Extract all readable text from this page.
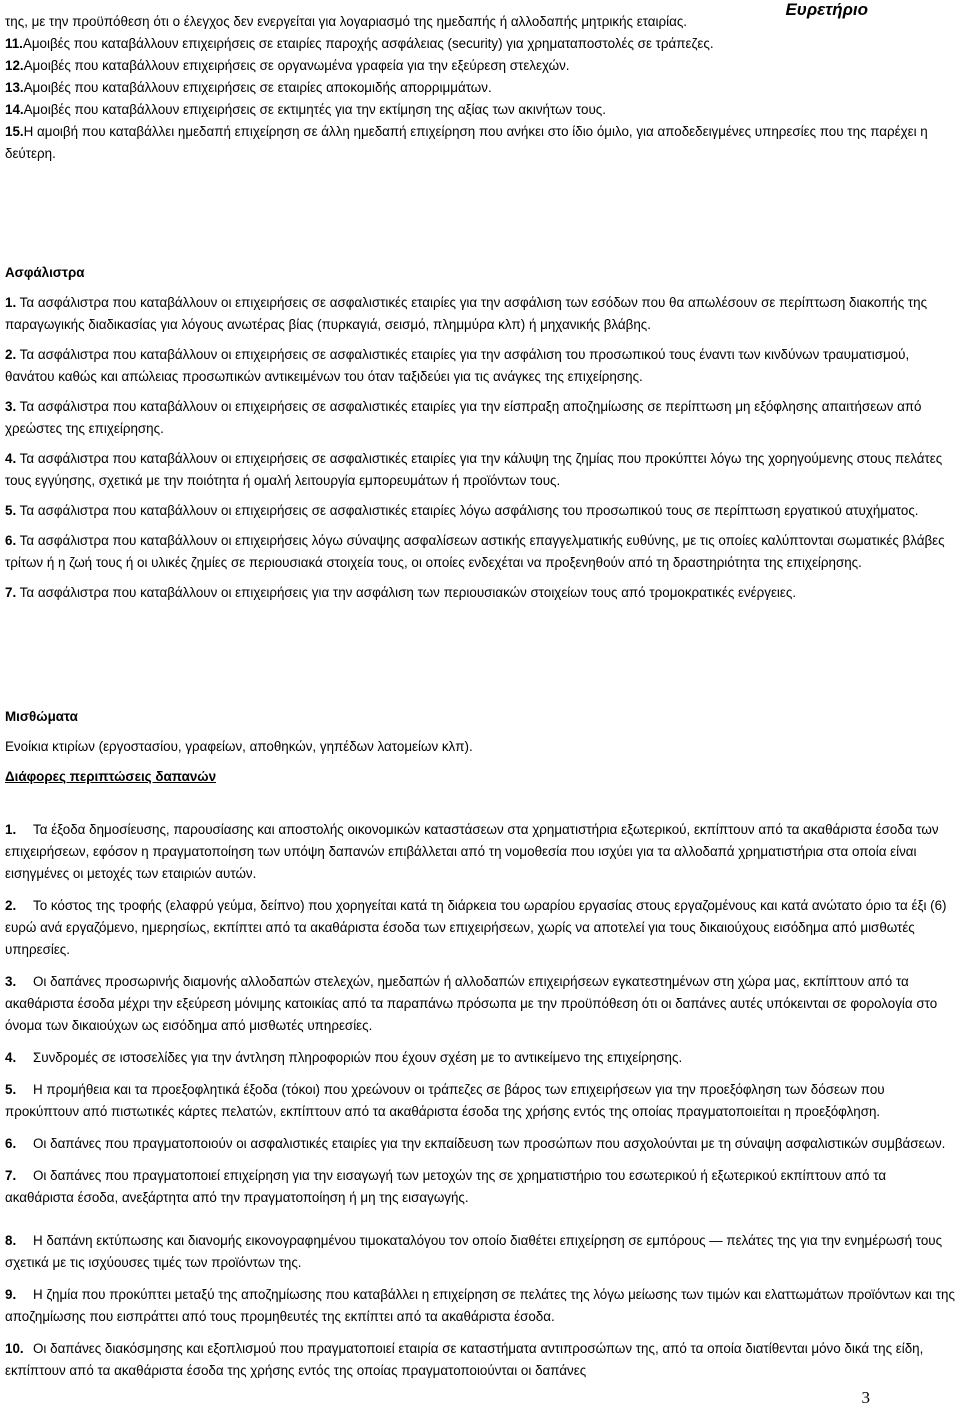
Ευρετήριο

της, με την προϋπόθεση ότι ο έλεγχος δεν ενεργείται για λογαριασμό της ημεδαπής ή αλλοδαπής μητρικής εταιρίας.

11.Αμοιβές που καταβάλλουν επιχειρήσεις σε εταιρίες παροχής ασφάλειας (security) για χρηματαποστολές σε τράπεζες.

12.Αμοιβές που καταβάλλουν επιχειρήσεις σε οργανωμένα γραφεία για την εξεύρεση στελεχών.

13.Αμοιβές που καταβάλλουν επιχειρήσεις σε εταιρίες αποκομιδής απορριμμάτων.

14.Αμοιβές που καταβάλλουν επιχειρήσεις σε εκτιμητές για την εκτίμηση της αξίας των ακινήτων τους.

15.Η αμοιβή που καταβάλλει ημεδαπή επιχείρηση σε άλλη ημεδαπή επιχείρηση που ανήκει στο ίδιο όμιλο, για αποδεδειγμένες υπηρεσίες που της παρέχει η δεύτερη.

Ασφάλιστρα

1. Τα ασφάλιστρα που καταβάλλουν οι επιχειρήσεις σε ασφαλιστικές εταιρίες για την ασφάλιση των εσόδων που θα απωλέσουν σε περίπτωση διακοπής της παραγωγικής διαδικασίας για λόγους ανωτέρας βίας (πυρκαγιά, σεισμό, πλημμύρα κλπ) ή μηχανικής βλάβης.

2. Τα ασφάλιστρα που καταβάλλουν οι επιχειρήσεις σε ασφαλιστικές εταιρίες για την ασφάλιση του προσωπικού τους έναντι των κινδύνων τραυματισμού, θανάτου καθώς και απώλειας προσωπικών αντικειμένων του όταν ταξιδεύει για τις ανάγκες της επιχείρησης.

3. Τα ασφάλιστρα που καταβάλλουν οι επιχειρήσεις σε ασφαλιστικές εταιρίες για την είσπραξη αποζημίωσης σε περίπτωση μη εξόφλησης απαιτήσεων από χρεώστες της επιχείρησης.

4. Τα ασφάλιστρα που καταβάλλουν οι επιχειρήσεις σε ασφαλιστικές εταιρίες για την κάλυψη της ζημίας που προκύπτει λόγω της χορηγούμενης στους πελάτες τους εγγύησης, σχετικά με την ποιότητα ή ομαλή λειτουργία εμπορευμάτων ή προϊόντων τους.

5. Τα ασφάλιστρα που καταβάλλουν οι επιχειρήσεις σε ασφαλιστικές εταιρίες λόγω ασφάλισης του προσωπικού τους σε περίπτωση εργατικού ατυχήματος.

6. Τα ασφάλιστρα που καταβάλλουν οι επιχειρήσεις λόγω σύναψης ασφαλίσεων αστικής επαγγελματικής ευθύνης, με τις οποίες καλύπτονται σωματικές βλάβες τρίτων ή η ζωή τους ή οι υλικές ζημίες σε περιουσιακά στοιχεία τους, οι οποίες ενδεχέται να προξενηθούν από τη δραστηριότητα της επιχείρησης.

7. Τα ασφάλιστρα που καταβάλλουν οι επιχειρήσεις για την ασφάλιση των περιουσιακών στοιχείων τους από τρομοκρατικές ενέργειες.

Μισθώματα

Ενοίκια κτιρίων (εργοστασίου, γραφείων, αποθηκών, γηπέδων λατομείων κλπ).

Διάφορες περιπτώσεις δαπανών

1. Τα έξοδα δημοσίευσης, παρουσίασης και αποστολής οικονομικών καταστάσεων στα χρηματιστήρια εξωτερικού, εκπίπτουν από τα ακαθάριστα έσοδα των επιχειρήσεων, εφόσον η πραγματοποίηση των υπόψη δαπανών επιβάλλεται από τη νομοθεσία που ισχύει για τα αλλοδαπά χρηματιστήρια στα οποία είναι εισηγμένες οι μετοχές των εταιριών αυτών.

2. Το κόστος της τροφής (ελαφρύ γεύμα, δείπνο) που χορηγείται κατά τη διάρκεια του ωραρίου εργασίας στους εργαζομένους και κατά ανώτατο όριο τα έξι (6) ευρώ ανά εργαζόμενο, ημερησίως, εκπίπτει από τα ακαθάριστα έσοδα των επιχειρήσεων, χωρίς να αποτελεί για τους δικαιούχους εισόδημα από μισθωτές υπηρεσίες.

3. Οι δαπάνες προσωρινής διαμονής αλλοδαπών στελεχών, ημεδαπών ή αλλοδαπών επιχειρήσεων εγκατεστημένων στη χώρα μας, εκπίπτουν από τα ακαθάριστα έσοδα μέχρι την εξεύρεση μόνιμης κατοικίας από τα παραπάνω πρόσωπα με την προϋπόθεση ότι οι δαπάνες αυτές υπόκεινται σε φορολογία στο όνομα των δικαιούχων ως εισόδημα από μισθωτές υπηρεσίες.

4. Συνδρομές σε ιστοσελίδες για την άντληση πληροφοριών που έχουν σχέση με το αντικείμενο της επιχείρησης.

5. Η προμήθεια και τα προεξοφλητικά έξοδα (τόκοι) που χρεώνουν οι τράπεζες σε βάρος των επιχειρήσεων για την προεξόφληση των δόσεων που προκύπτουν από πιστωτικές κάρτες πελατών, εκπίπτουν από τα ακαθάριστα έσοδα της χρήσης εντός της οποίας πραγματοποιείται η προεξόφληση.

6. Οι δαπάνες που πραγματοποιούν οι ασφαλιστικές εταιρίες για την εκπαίδευση των προσώπων που ασχολούνται με τη σύναψη ασφαλιστικών συμβάσεων.

7. Οι δαπάνες που πραγματοποιεί επιχείρηση για την εισαγωγή των μετοχών της σε χρηματιστήριο του εσωτερικού ή εξωτερικού εκπίπτουν από τα ακαθάριστα έσοδα, ανεξάρτητα από την πραγματοποίηση ή μη της εισαγωγής.

8. Η δαπάνη εκτύπωσης και διανομής εικονογραφημένου τιμοκαταλόγου τον οποίο διαθέτει επιχείρηση σε εμπόρους — πελάτες της για την ενημέρωσή τους σχετικά με τις ισχύουσες τιμές των προϊόντων της.

9. Η ζημία που προκύπτει μεταξύ της αποζημίωσης που καταβάλλει η επιχείρηση σε πελάτες της λόγω μείωσης των τιμών και ελαττωμάτων προϊόντων και της αποζημίωσης που εισπράττει από τους προμηθευτές της εκπίπτει από τα ακαθάριστα έσοδα.

10. Οι δαπάνες διακόσμησης και εξοπλισμού που πραγματοποιεί εταιρία σε καταστήματα αντιπροσώπων της, από τα οποία διατίθενται μόνο δικά της είδη, εκπίπτουν από τα ακαθάριστα έσοδα της χρήσης εντός της οποίας πραγματοποιούνται οι δαπάνες

3
